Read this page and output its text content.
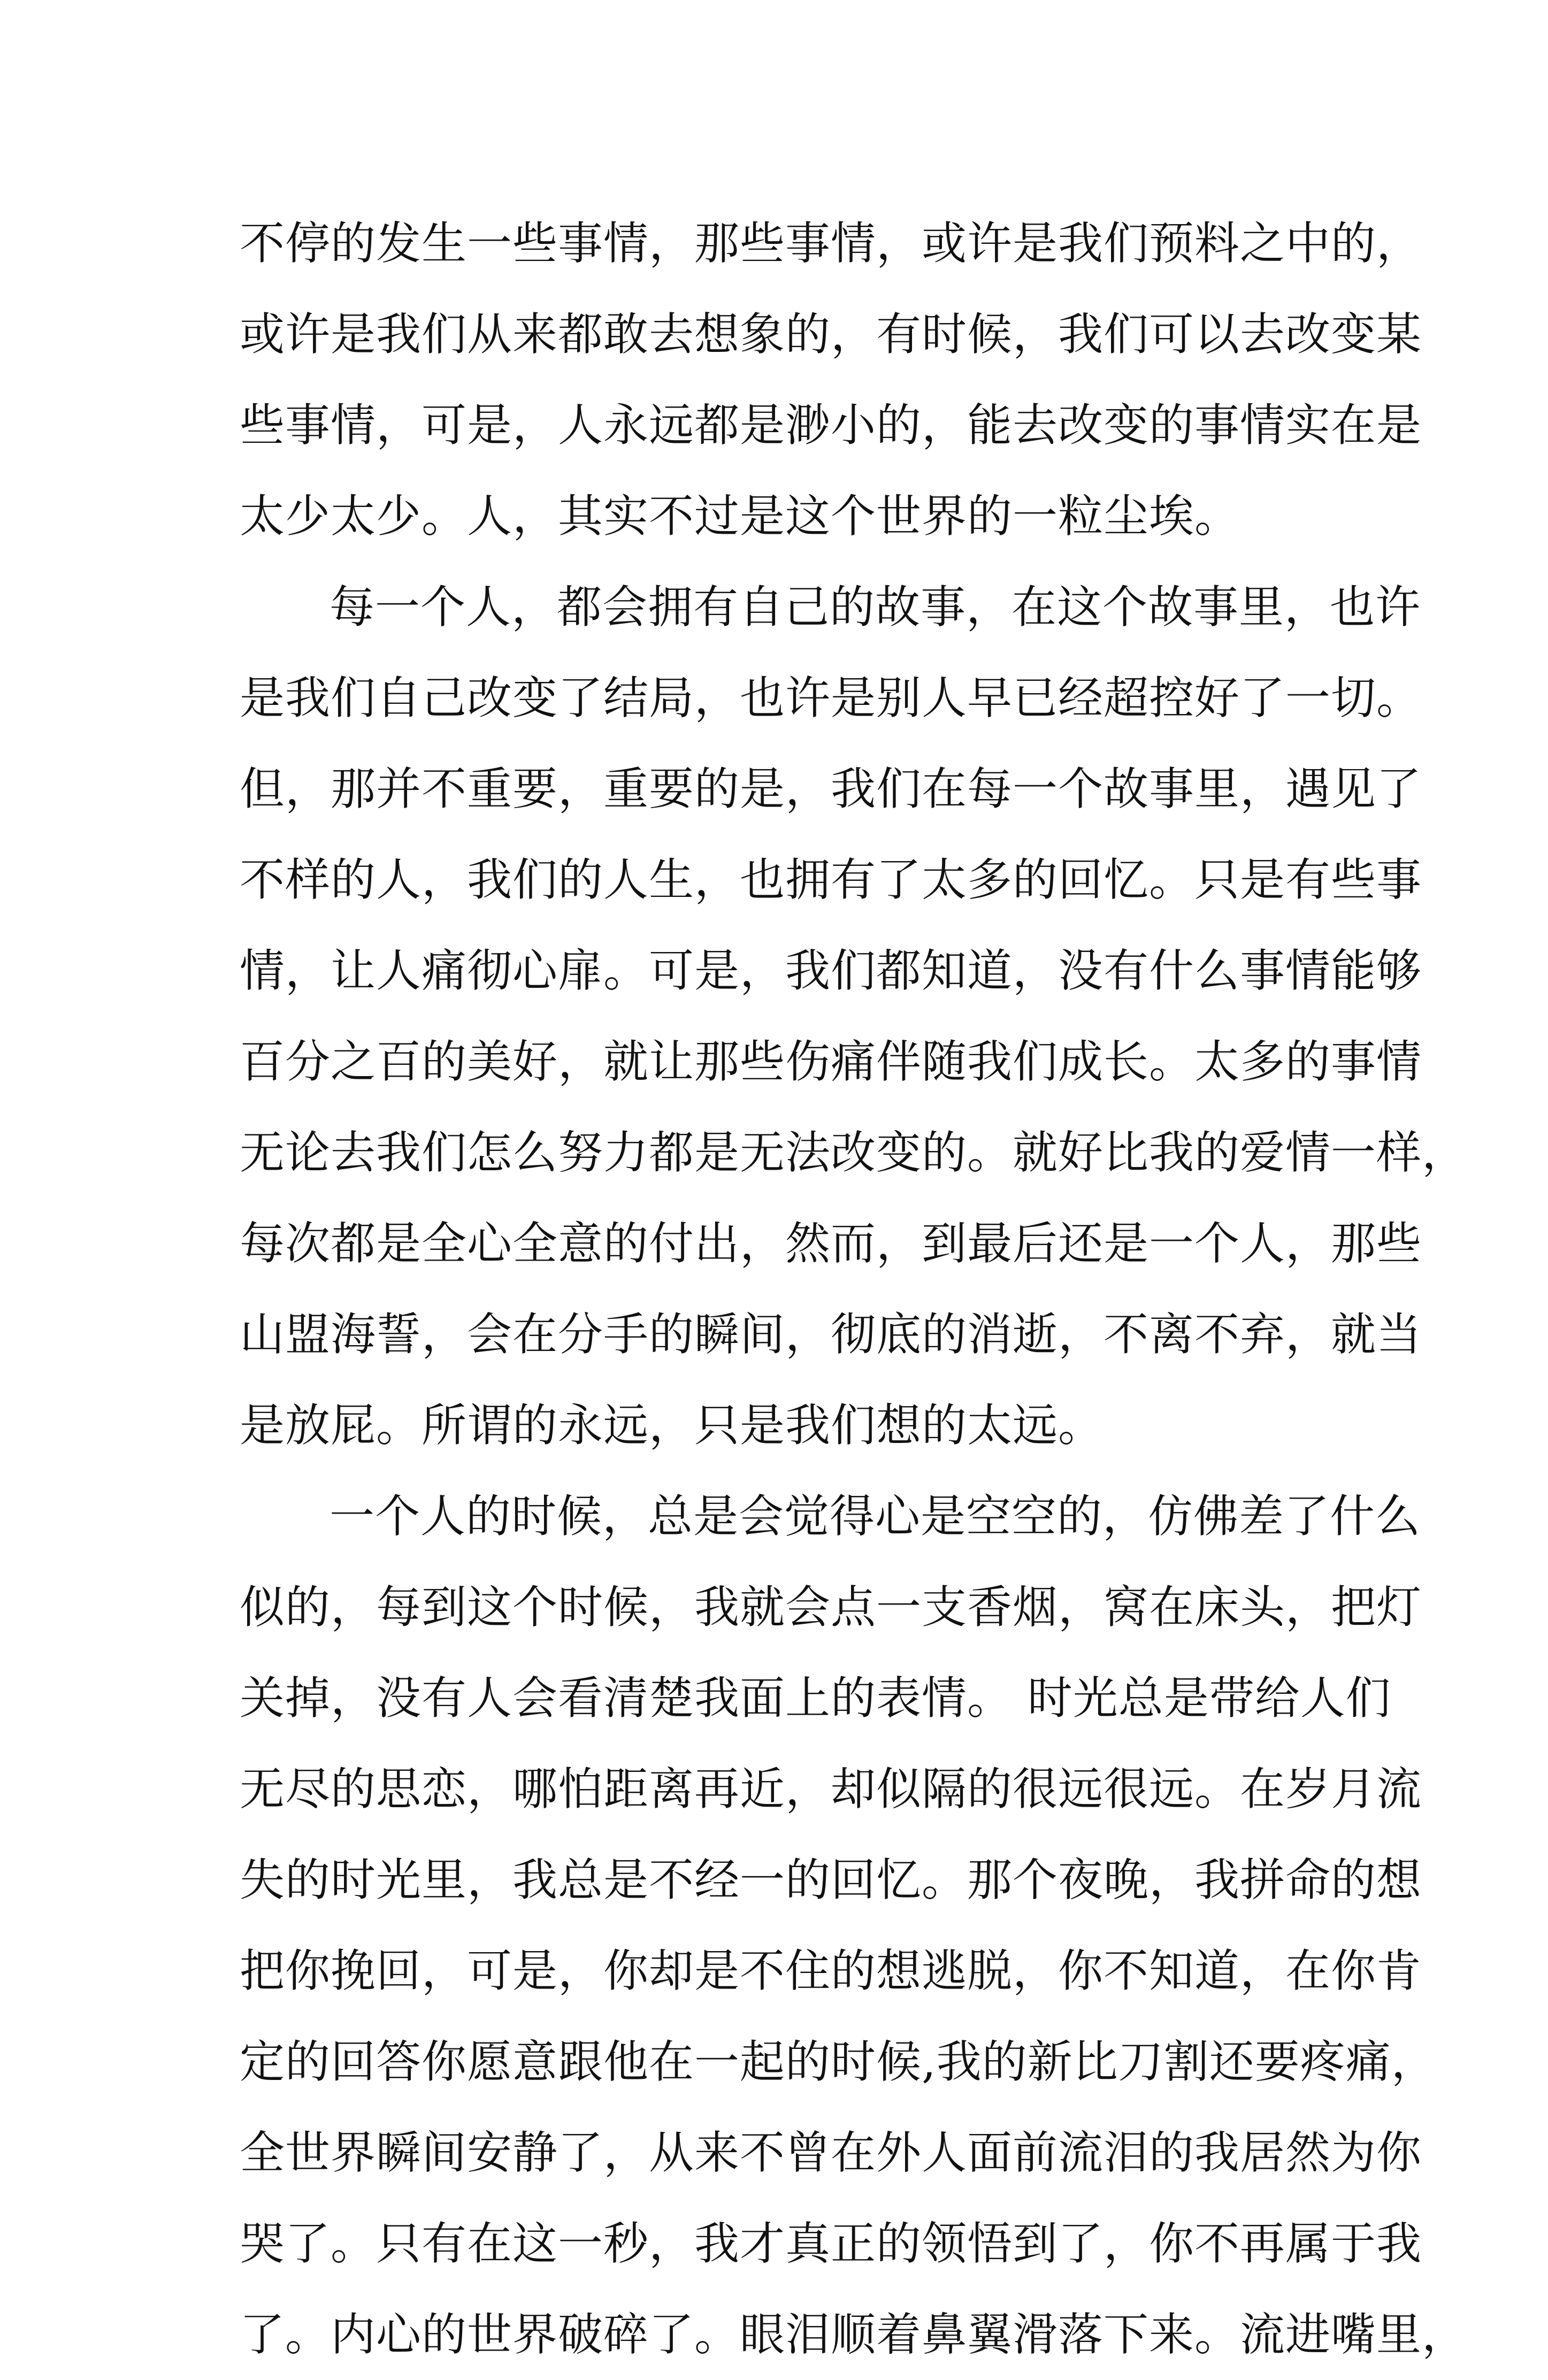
不停的发生一些事情，那些事情，或许是我们预料之中的，
或许是我们从来都敢去想象的，有时候，我们可以去改变某
些事情，可是，人永远都是渺小的，能去改变的事情实在是
太少太少。人，其实不过是这个世界的一粒尘埃。
每一个人，都会拥有自己的故事，在这个故事里，也许
是我们自己改变了结局，也许是别人早已经超控好了一切。
但，那并不重要，重要的是，我们在每一个故事里，遇见了
不样的人，我们的人生，也拥有了太多的回忆。只是有些事
情，让人痛彻心扉。可是，我们都知道，没有什么事情能够
百分之百的美好，就让那些伤痛伴随我们成长。太多的事情
无论去我们怎么努力都是无法改变的。就好比我的爱情一样，
每次都是全心全意的付出，然而，到最后还是一个人，那些
山盟海誓，会在分手的瞬间，彻底的消逝，不离不弃，就当
是放屁。所谓的永远，只是我们想的太远。
一个人的时候，总是会觉得心是空空的，仿佛差了什么
似的，每到这个时候，我就会点一支香烟，窝在床头，把灯
关掉，没有人会看清楚我面上的表情。 时光总是带给人们
无尽的思恋，哪怕距离再近，却似隔的很远很远。在岁月流
失的时光里，我总是不经一的回忆。那个夜晚，我拼命的想
把你挽回，可是，你却是不住的想逃脱，你不知道，在你肯
定的回答你愿意跟他在一起的时候,我的新比刀割还要疼痛，
全世界瞬间安静了，从来不曾在外人面前流泪的我居然为你
哭了。只有在这一秒，我才真正的领悟到了，你不再属于我
了。内心的世界破碎了。眼泪顺着鼻翼滑落下来。流进嘴里，
